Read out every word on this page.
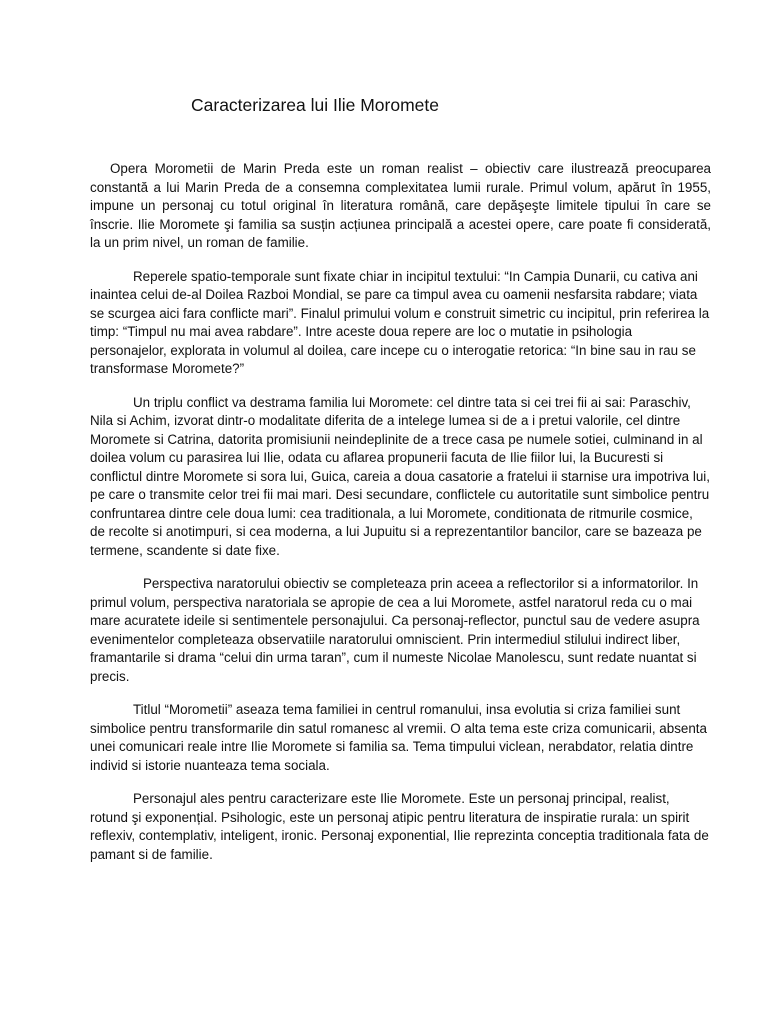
Caracterizarea lui Ilie Moromete

Opera Morometii de Marin Preda este un roman realist – obiectiv care ilustrează preocuparea constantă a lui Marin Preda de a consemna complexitatea lumii rurale. Primul volum, apărut în 1955, impune un personaj cu totul original în literatura română, care depăşeşte limitele tipului în care se înscrie. Ilie Moromete şi familia sa susțin acțiunea principală a acestei opere, care poate fi considerată, la un prim nivel, un roman de familie.

Reperele spatio-temporale sunt fixate chiar in incipitul textului: “In Campia Dunarii, cu cativa ani inaintea celui de-al Doilea Razboi Mondial, se pare ca timpul avea cu oamenii nesfarsita rabdare; viata se scurgea aici fara conflicte mari”. Finalul primului volum e construit simetric cu incipitul, prin referirea la timp: “Timpul nu mai avea rabdare”. Intre aceste doua repere are loc o mutatie in psihologia personajelor, explorata in volumul al doilea, care incepe cu o interogatie retorica: “In bine sau in rau se transformase Moromete?”

Un triplu conflict va destrama familia lui Moromete: cel dintre tata si cei trei fii ai sai: Paraschiv, Nila si Achim, izvorat dintr-o modalitate diferita de a intelege lumea si de a i pretui valorile, cel dintre Moromete si Catrina, datorita promisiunii neindeplinite de a trece casa pe numele sotiei, culminand in al doilea volum cu parasirea lui Ilie, odata cu aflarea propunerii facuta de Ilie fiilor lui, la Bucuresti si conflictul dintre Moromete si sora lui, Guica, careia a doua casatorie a fratelui ii starnise ura impotriva lui, pe care o transmite celor trei fii mai mari. Desi secundare, conflictele cu autoritatile sunt simbolice pentru confruntarea dintre cele doua lumi: cea traditionala, a lui Moromete, conditionata de ritmurile cosmice, de recolte si anotimpuri, si cea moderna, a lui Jupuitu si a reprezentantilor bancilor, care se bazeaza pe termene, scandente si date fixe.

Perspectiva naratorului obiectiv se completeaza prin aceea a reflectorilor si a informatorilor. In primul volum, perspectiva naratoriala se apropie de cea a lui Moromete, astfel naratorul reda cu o mai mare acuratete ideile si sentimentele personajului. Ca personaj-reflector, punctul sau de vedere asupra evenimentelor completeaza observatiile naratorului omniscient. Prin intermediul stilului indirect liber, framantarile si drama “celui din urma taran”, cum il numeste Nicolae Manolescu, sunt redate nuantat si precis.

Titlul “Morometii” aseaza tema familiei in centrul romanului, insa evolutia si criza familiei sunt simbolice pentru transformarile din satul romanesc al vremii. O alta tema este criza comunicarii, absenta unei comunicari reale intre Ilie Moromete si familia sa. Tema timpului viclean, nerabdator, relatia dintre individ si istorie nuanteaza tema sociala.

Personajul ales pentru caracterizare este Ilie Moromete. Este un personaj principal, realist, rotund şi exponențial. Psihologic, este un personaj atipic pentru literatura de inspiratie rurala: un spirit reflexiv, contemplativ, inteligent, ironic. Personaj exponential, Ilie reprezinta conceptia traditionala fata de pamant si de familie.
